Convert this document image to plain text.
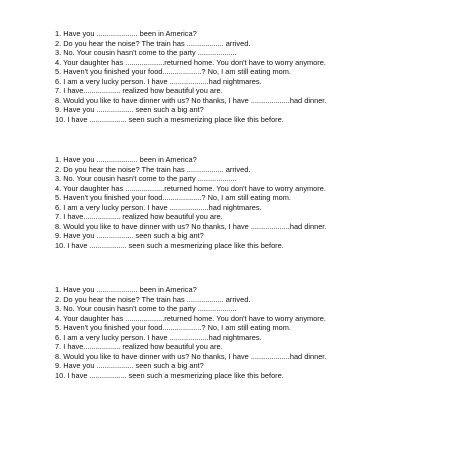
1. Have you .................... been in America?
2. Do you hear the noise? The train has .................. arrived.
3. No. Your cousin hasn't come to the party ...................
4. Your daughter has ...................returned home. You don't have to worry anymore.
5. Haven't you finished your food...................? No, I am still eating mom.
6. I am a very lucky person. I have ...................had nightmares.
7. I have.................. realized how beautiful you are.
8. Would you like to have dinner with us? No thanks, I have ...................had dinner.
9. Have you .................. seen such a big ant?
10. I have .................. seen such a mesmerizing place like this before.
1. Have you .................... been in America?
2. Do you hear the noise? The train has .................. arrived.
3. No. Your cousin hasn't come to the party ...................
4. Your daughter has ...................returned home. You don't have to worry anymore.
5. Haven't you finished your food...................? No, I am still eating mom.
6. I am a very lucky person. I have ...................had nightmares.
7. I have.................. realized how beautiful you are.
8. Would you like to have dinner with us? No thanks, I have ...................had dinner.
9. Have you .................. seen such a big ant?
10. I have .................. seen such a mesmerizing place like this before.
1. Have you .................... been in America?
2. Do you hear the noise? The train has .................. arrived.
3. No. Your cousin hasn't come to the party ...................
4. Your daughter has ...................returned home. You don't have to worry anymore.
5. Haven't you finished your food...................? No, I am still eating mom.
6. I am a very lucky person. I have ...................had nightmares.
7. I have.................. realized how beautiful you are.
8. Would you like to have dinner with us? No thanks, I have ...................had dinner.
9. Have you .................. seen such a big ant?
10. I have .................. seen such a mesmerizing place like this before.
